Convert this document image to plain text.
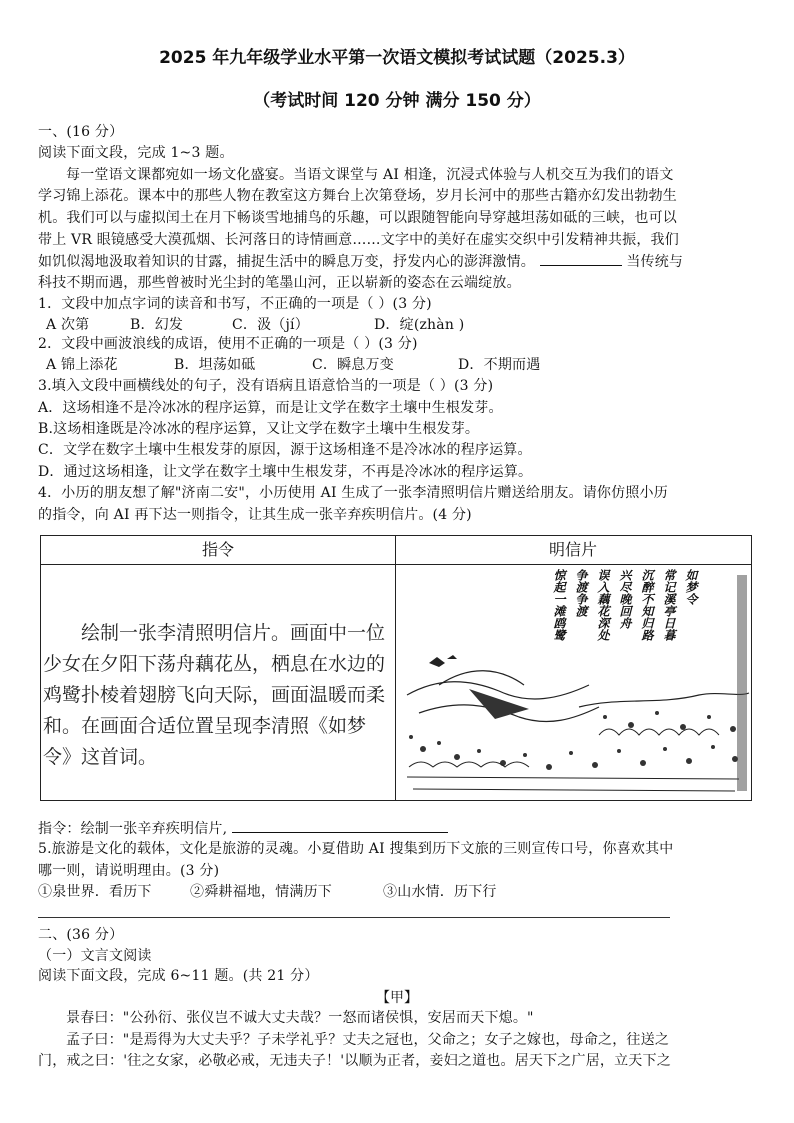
2025 年九年级学业水平第一次语文模拟考试试题（2025.3）
（考试时间 120 分钟 满分 150 分）
一、(16 分）
阅读下面文段，完成 1~3 题。
每一堂语文课都宛如一场文化盛宴。当语文课堂与 AI 相逢，沉浸式体验与人机交互为我们的语文
学习锦上添花。课本中的那些人物在教室这方舞台上次第登场，岁月长河中的那些古籍亦幻发出勃勃生
机。我们可以与虚拟闰土在月下畅谈雪地捕鸟的乐趣，可以跟随智能向导穿越坦荡如砥的三峡，也可以
带上 VR 眼镜感受大漠孤烟、长河落日的诗情画意……文字中的美好在虚实交织中引发精神共振，我们
如饥似渴地汲取着知识的甘露，捕捉生活中的瞬息万变，抒发内心的澎湃激情。	当传统与
科技不期而遇，那些曾被时光尘封的笔墨山河，正以崭新的姿态在云端绽放。
1．文段中加点字词的读音和书写，不正确的一项是（ ）(3 分)
A 次第	B．幻发	C．汲（jí）	D．绽(zhàn )
2．文段中画波浪线的成语，使用不正确的一项是（ ）(3 分)
A 锦上添花	B．坦荡如砥	C．瞬息万变	D．不期而遇
3.填入文段中画横线处的句子，没有语病且语意恰当的一项是（ ）(3 分)
A．这场相逢不是冷冰冰的程序运算，而是让文学在数字土壤中生根发芽。
B.这场相逢既是冷冰冰的程序运算，又让文学在数字土壤中生根发芽。
C．文学在数字土壤中生根发芽的原因，源于这场相逢不是冷冰冰的程序运算。
D．通过这场相逢，让文学在数字土壤中生根发芽，不再是冷冰冰的程序运算。
4．小历的朋友想了解"济南二安"，小历使用 AI 生成了一张李清照明信片赠送给朋友。请你仿照小历
的指令，向 AI 再下达一则指令，让其生成一张辛弃疾明信片。(4 分)
指令	明信片
绘制一张李清照明信片。画面中一位少女在夕阳下荡舟藕花丛，栖息在水边的鸡鹭扑棱着翅膀飞向天际，画面温暖而柔和。在画面合适位置呈现李清照《如梦令》这首词。
如梦令
常记溪亭日暮
沉醉不知归路
兴尽晚回舟
误入藕花深处
争渡争渡
惊起一滩鸥鹭
指令：绘制一张辛弃疾明信片,
5.旅游是文化的载体，文化是旅游的灵魂。小夏借助 AI 搜集到历下文旅的三则宣传口号，你喜欢其中
哪一则，请说明理由。(3 分)
①泉世界．看历下	②舜耕福地，情满历下	③山水情．历下行
二、(36 分）
（一）文言文阅读
阅读下面文段，完成 6~11 题。(共 21 分）
【甲】
景春曰："公孙衍、张仪岂不诚大丈夫哉？一怒而诸侯惧，安居而天下熄。"
孟子曰："是焉得为大丈夫乎？子未学礼乎？丈夫之冠也，父命之；女子之嫁也，母命之，往送之
门，戒之曰：'往之女家，必敬必戒，无违夫子！'以顺为正者，妾妇之道也。居天下之广居，立天下之
